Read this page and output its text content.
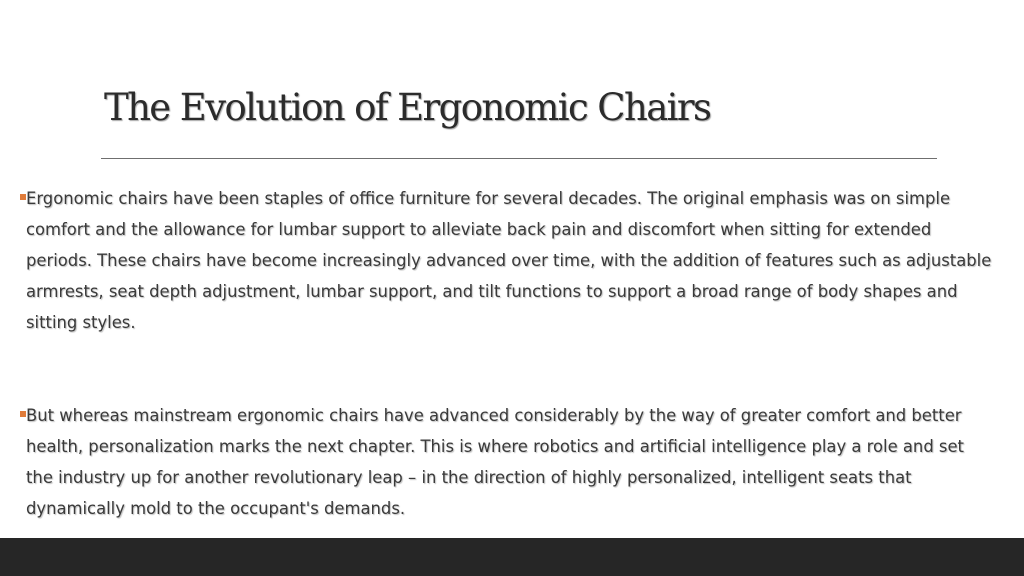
The Evolution of Ergonomic Chairs
Ergonomic chairs have been staples of office furniture for several decades. The original emphasis was on simple comfort and the allowance for lumbar support to alleviate back pain and discomfort when sitting for extended periods. These chairs have become increasingly advanced over time, with the addition of features such as adjustable armrests, seat depth adjustment, lumbar support, and tilt functions to support a broad range of body shapes and sitting styles.
But whereas mainstream ergonomic chairs have advanced considerably by the way of greater comfort and better health, personalization marks the next chapter. This is where robotics and artificial intelligence play a role and set the industry up for another revolutionary leap – in the direction of highly personalized, intelligent seats that dynamically mold to the occupant's demands.
